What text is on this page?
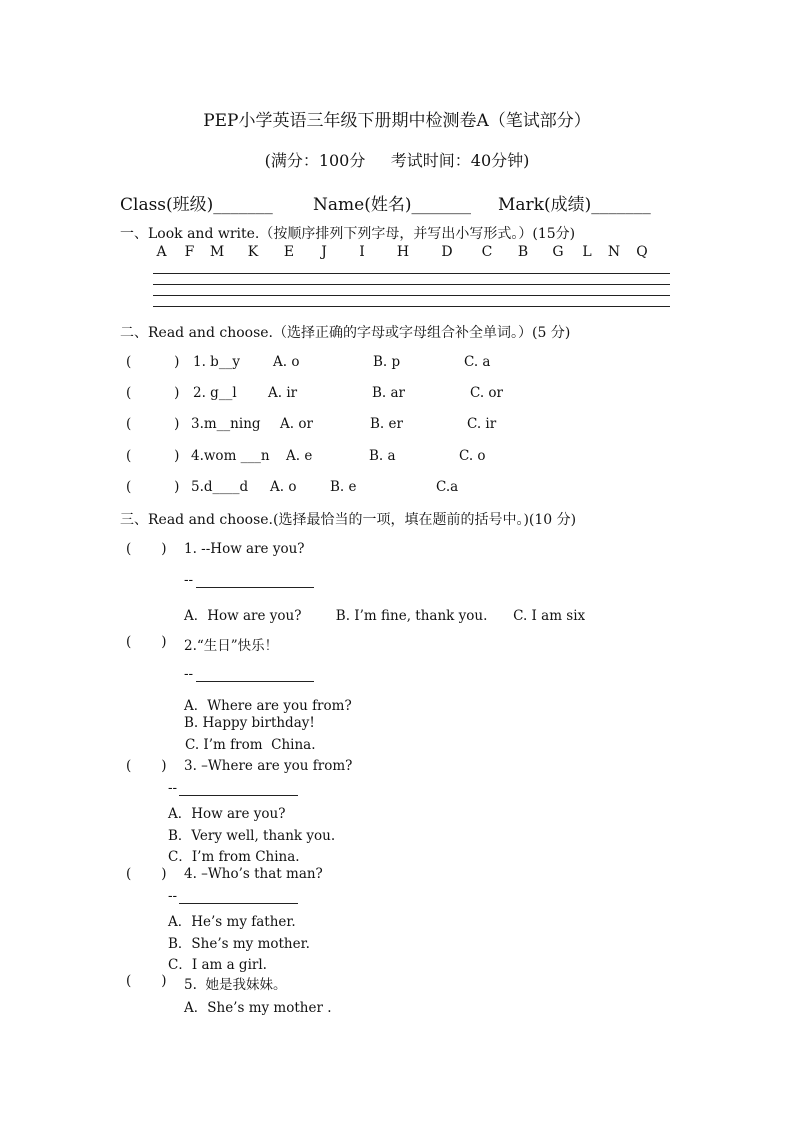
PEP小学英语三年级下册期中检测卷A（笔试部分）
(满分：100分     考试时间：40分钟)
Class(班级)_______ Name(姓名)_______ Mark(成绩)_______
一、Look and write.（按顺序排列下列字母，并写出小写形式。）(15分)
A	F	M	K	E	J	I	H	D	C	B	G	L	N	Q
二、Read and choose.（选择正确的字母或字母组合补全单词。）(5 分)
(          ) 1. b__y A. o	B. p	C. a
(          ) 2. g__l A. ir	B. ar	C. or
(          ) 3.m__ning A. or	B. er	C. ir
(          ) 4.wom ___n A. e	B. a	C. o
(          ) 5.d____d A. o B. e	C.a
三、Read and choose.(选择最恰当的一项，填在题前的括号中。)(10 分)
(       ) 1. --How are you?
--
A．How are you?        B. I’m fine, thank you.      C. I am six
(       ) 2.“生日”快乐！
--
A．Where are you from?
B. Happy birthday!
C. I’m from  China.
(       ) 3. –Where are you from?
--
A．How are you?
B．Very well, thank you.
C．I’m from China.
(       ) 4. –Who’s that man?
--
A．He’s my father.
B．She’s my mother.
C．I am a girl.
(       ) 5.  她是我妹妹。
A．She’s my mother .
